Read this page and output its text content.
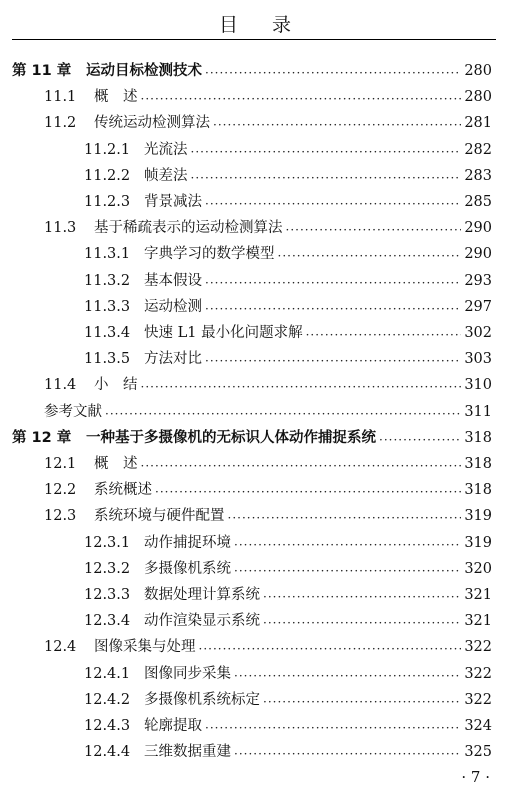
目 录
第 11 章 运动目标检测技术 ·····	280
11.1 概　述 ·····	280
11.2 传统运动检测算法 ·····	281
11.2.1 光流法 ·····	282
11.2.2 帧差法 ·····	283
11.2.3 背景减法 ·····	285
11.3 基于稀疏表示的运动检测算法 ·····	290
11.3.1 字典学习的数学模型 ·····	290
11.3.2 基本假设 ·····	293
11.3.3 运动检测 ·····	297
11.3.4 快速 L1 最小化问题求解 ·····	302
11.3.5 方法对比 ·····	303
11.4 小　结 ·····	310
参考文献 ·····	311
第 12 章 一种基于多摄像机的无标识人体动作捕捉系统 ·····	318
12.1 概　述 ·····	318
12.2 系统概述 ·····	318
12.3 系统环境与硬件配置 ·····	319
12.3.1 动作捕捉环境 ·····	319
12.3.2 多摄像机系统 ·····	320
12.3.3 数据处理计算系统 ·····	321
12.3.4 动作渲染显示系统 ·····	321
12.4 图像采集与处理 ·····	322
12.4.1 图像同步采集 ·····	322
12.4.2 多摄像机系统标定 ·····	322
12.4.3 轮廓提取 ·····	324
12.4.4 三维数据重建 ·····	325
· 7 ·
